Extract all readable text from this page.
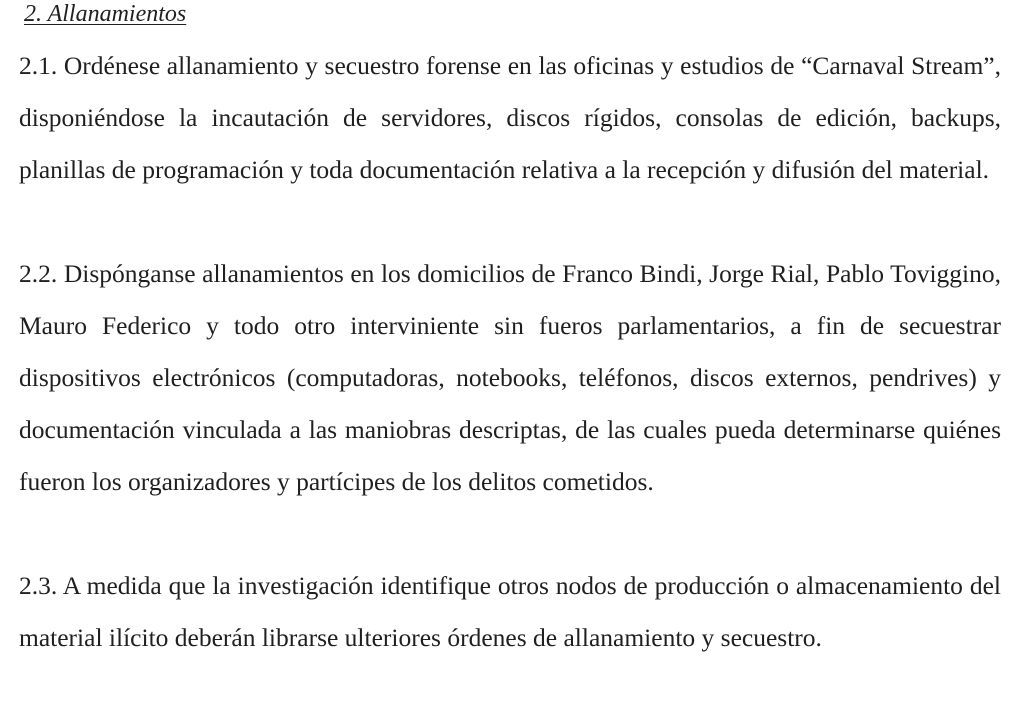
2. Allanamientos

2.1. Ordénese allanamiento y secuestro forense en las oficinas y estudios de “Carnaval Stream”, disponiéndose la incautación de servidores, discos rígidos, consolas de edición, backups, planillas de programación y toda documentación relativa a la recepción y difusión del material.

2.2. Dispónganse allanamientos en los domicilios de Franco Bindi, Jorge Rial, Pablo Toviggino, Mauro Federico y todo otro interviniente sin fueros parlamentarios, a fin de secuestrar dispositivos electrónicos (computadoras, notebooks, teléfonos, discos externos, pendrives) y documentación vinculada a las maniobras descriptas, de las cuales pueda determinarse quiénes fueron los organizadores y partícipes de los delitos cometidos.

2.3. A medida que la investigación identifique otros nodos de producción o almacenamiento del material ilícito deberán librarse ulteriores órdenes de allanamiento y secuestro.
